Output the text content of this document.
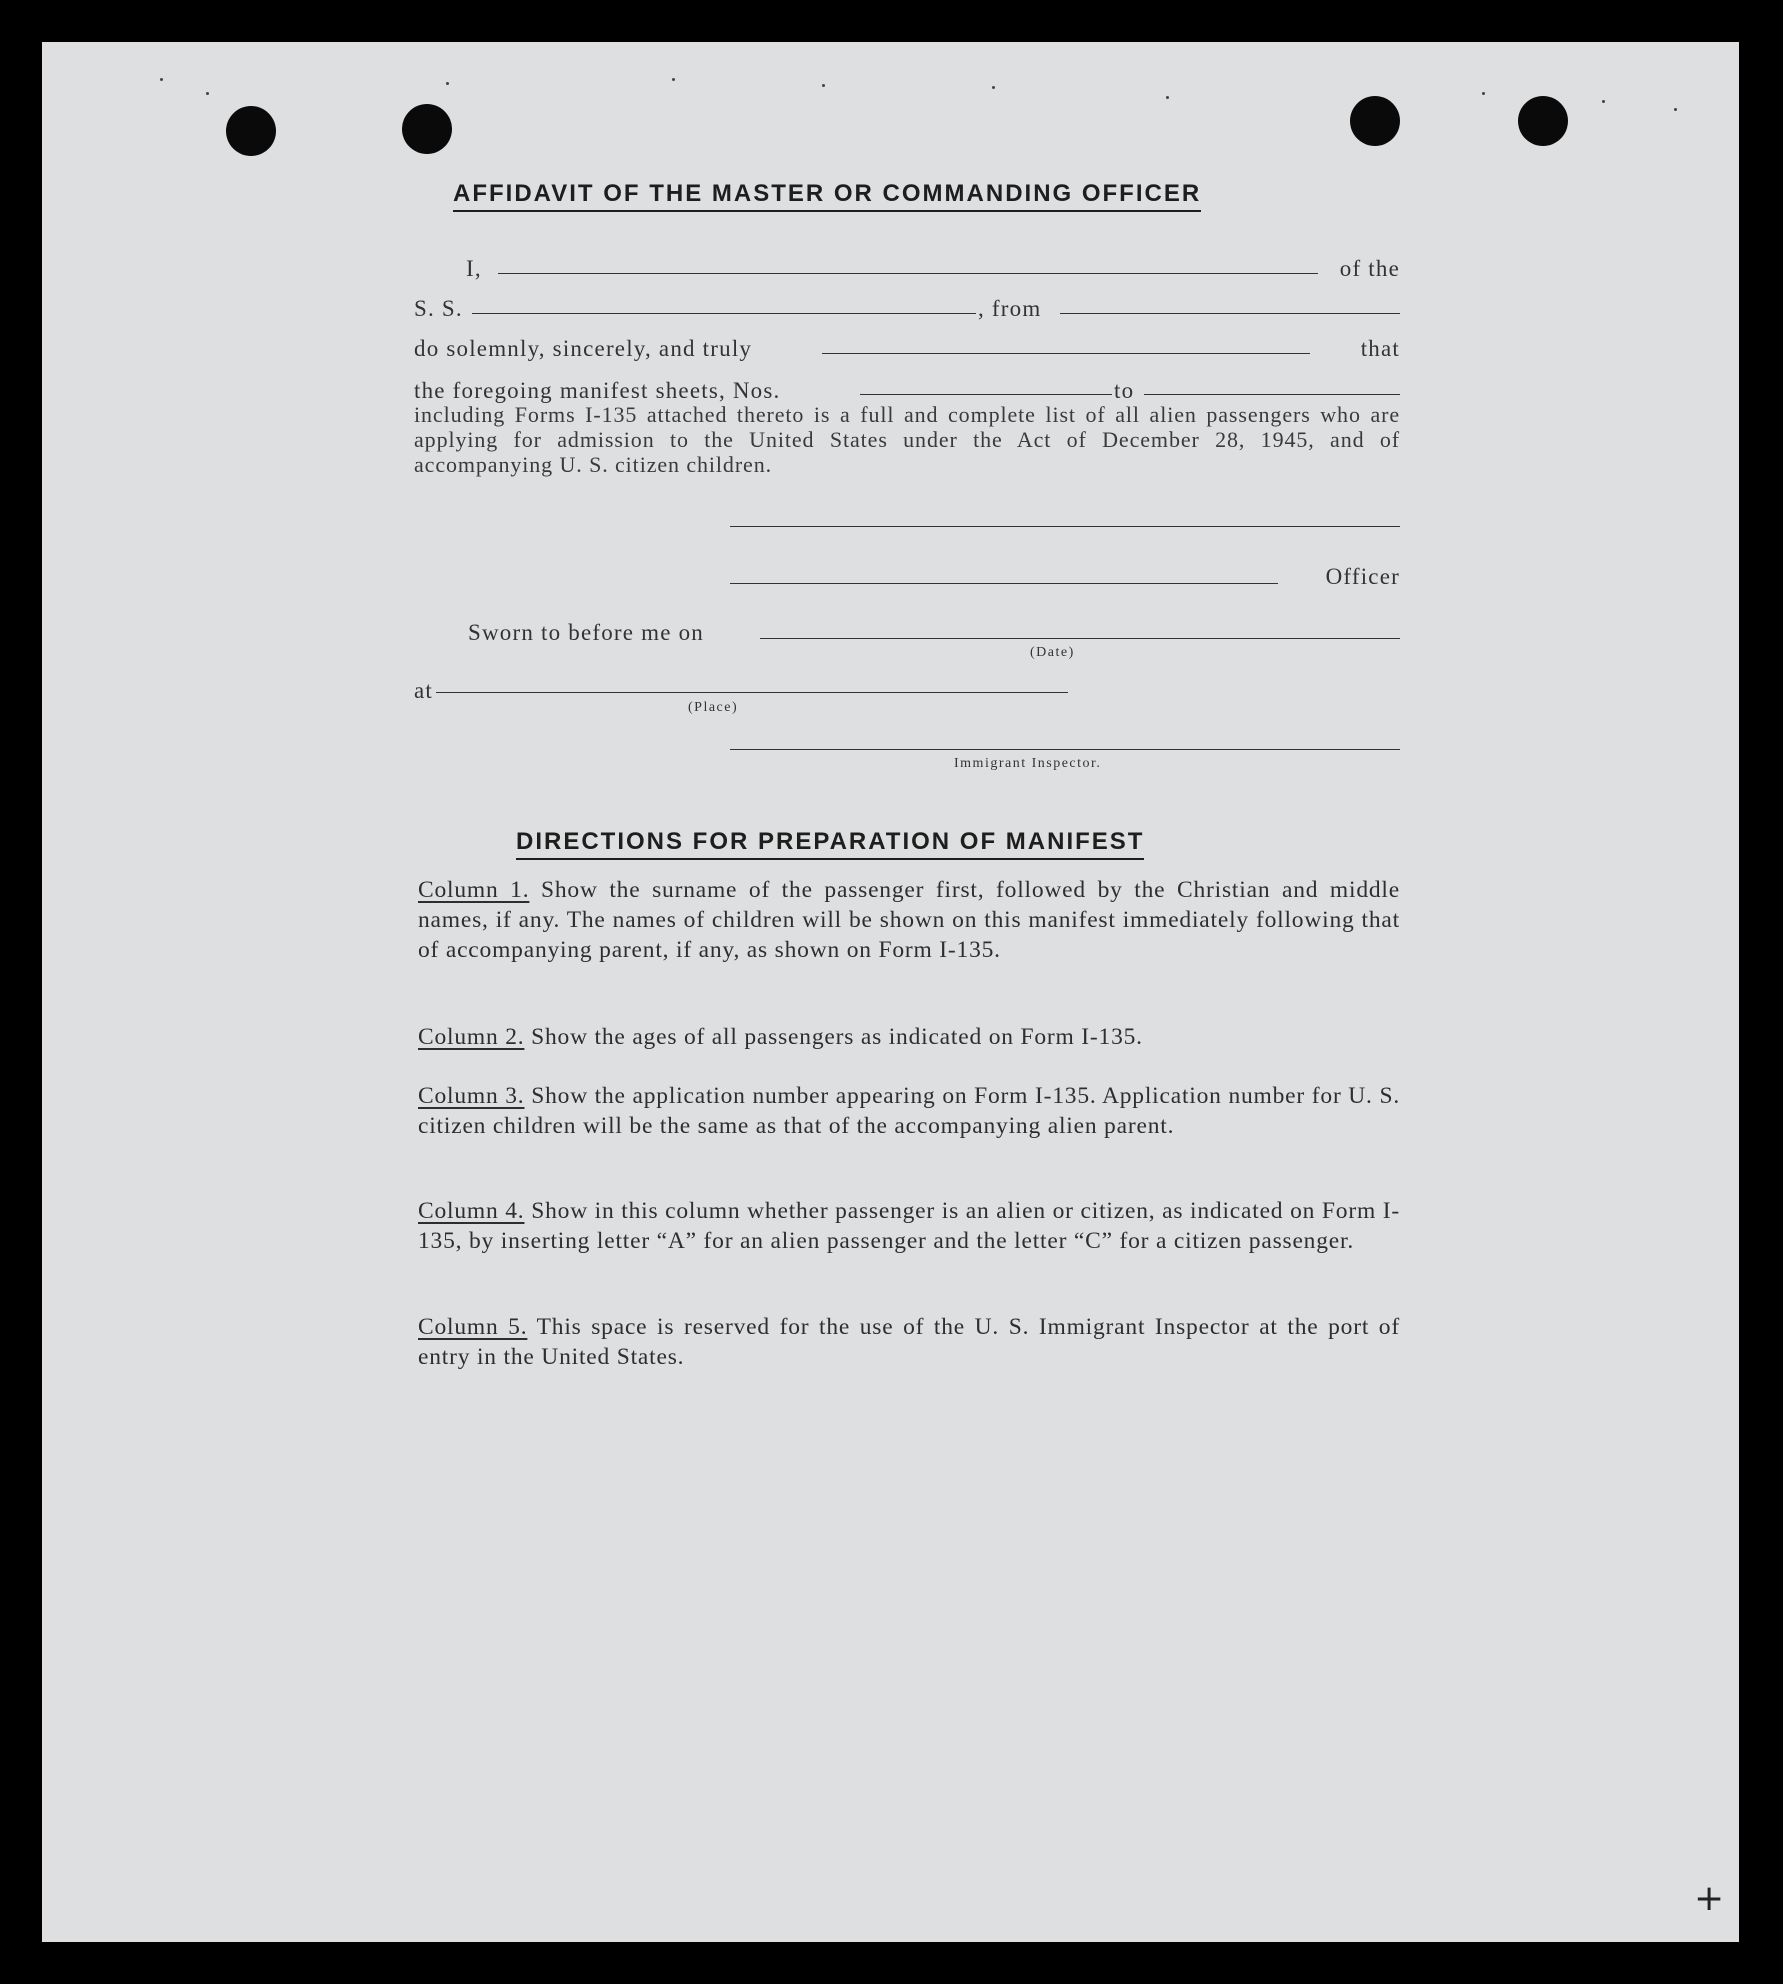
AFFIDAVIT OF THE MASTER OR COMMANDING OFFICER
I,	of the
S. S.	, from
do solemnly, sincerely, and truly	that
the foregoing manifest sheets, Nos.	to
including Forms I-135 attached thereto is a full and complete list of all alien passengers who are applying for admission to the United States under the Act of December 28, 1945, and of accompanying U. S. citizen children.
Officer
Sworn to before me on
(Date)
at
(Place)
Immigrant Inspector.
DIRECTIONS FOR PREPARATION OF MANIFEST
Column 1. Show the surname of the passenger first, followed by the Christian and middle names, if any. The names of children will be shown on this manifest immediately following that of accompanying parent, if any, as shown on Form I-135.
Column 2. Show the ages of all passengers as indicated on Form I-135.
Column 3. Show the application number appearing on Form I-135. Application number for U. S. citizen children will be the same as that of the accompanying alien parent.
Column 4. Show in this column whether passenger is an alien or citizen, as indicated on Form I-135, by inserting letter “A” for an alien passenger and the letter “C” for a citizen passenger.
Column 5. This space is reserved for the use of the U. S. Immigrant Inspector at the port of entry in the United States.
+
